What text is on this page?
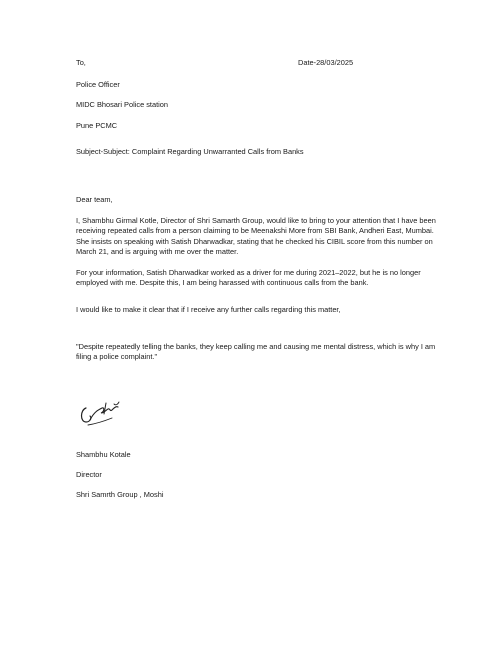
To,	Date-28/03/2025
Police Officer
MIDC Bhosari Police station
Pune PCMC
Subject-Subject: Complaint Regarding Unwarranted Calls from Banks
Dear team,
I, Shambhu Girmal Kotle, Director of Shri Samarth Group, would like to bring to your attention that I have been receiving repeated calls from a person claiming to be Meenakshi More from SBI Bank, Andheri East, Mumbai. She insists on speaking with Satish Dharwadkar, stating that he checked his CIBIL score from this number on March 21, and is arguing with me over the matter.
For your information, Satish Dharwadkar worked as a driver for me during 2021–2022, but he is no longer employed with me. Despite this, I am being harassed with continuous calls from the bank.
I would like to make it clear that if I receive any further calls regarding this matter,
"Despite repeatedly telling the banks, they keep calling me and causing me mental distress, which is why I am filing a police complaint."
Shambhu Kotale
Director
Shri Samrth Group , Moshi
